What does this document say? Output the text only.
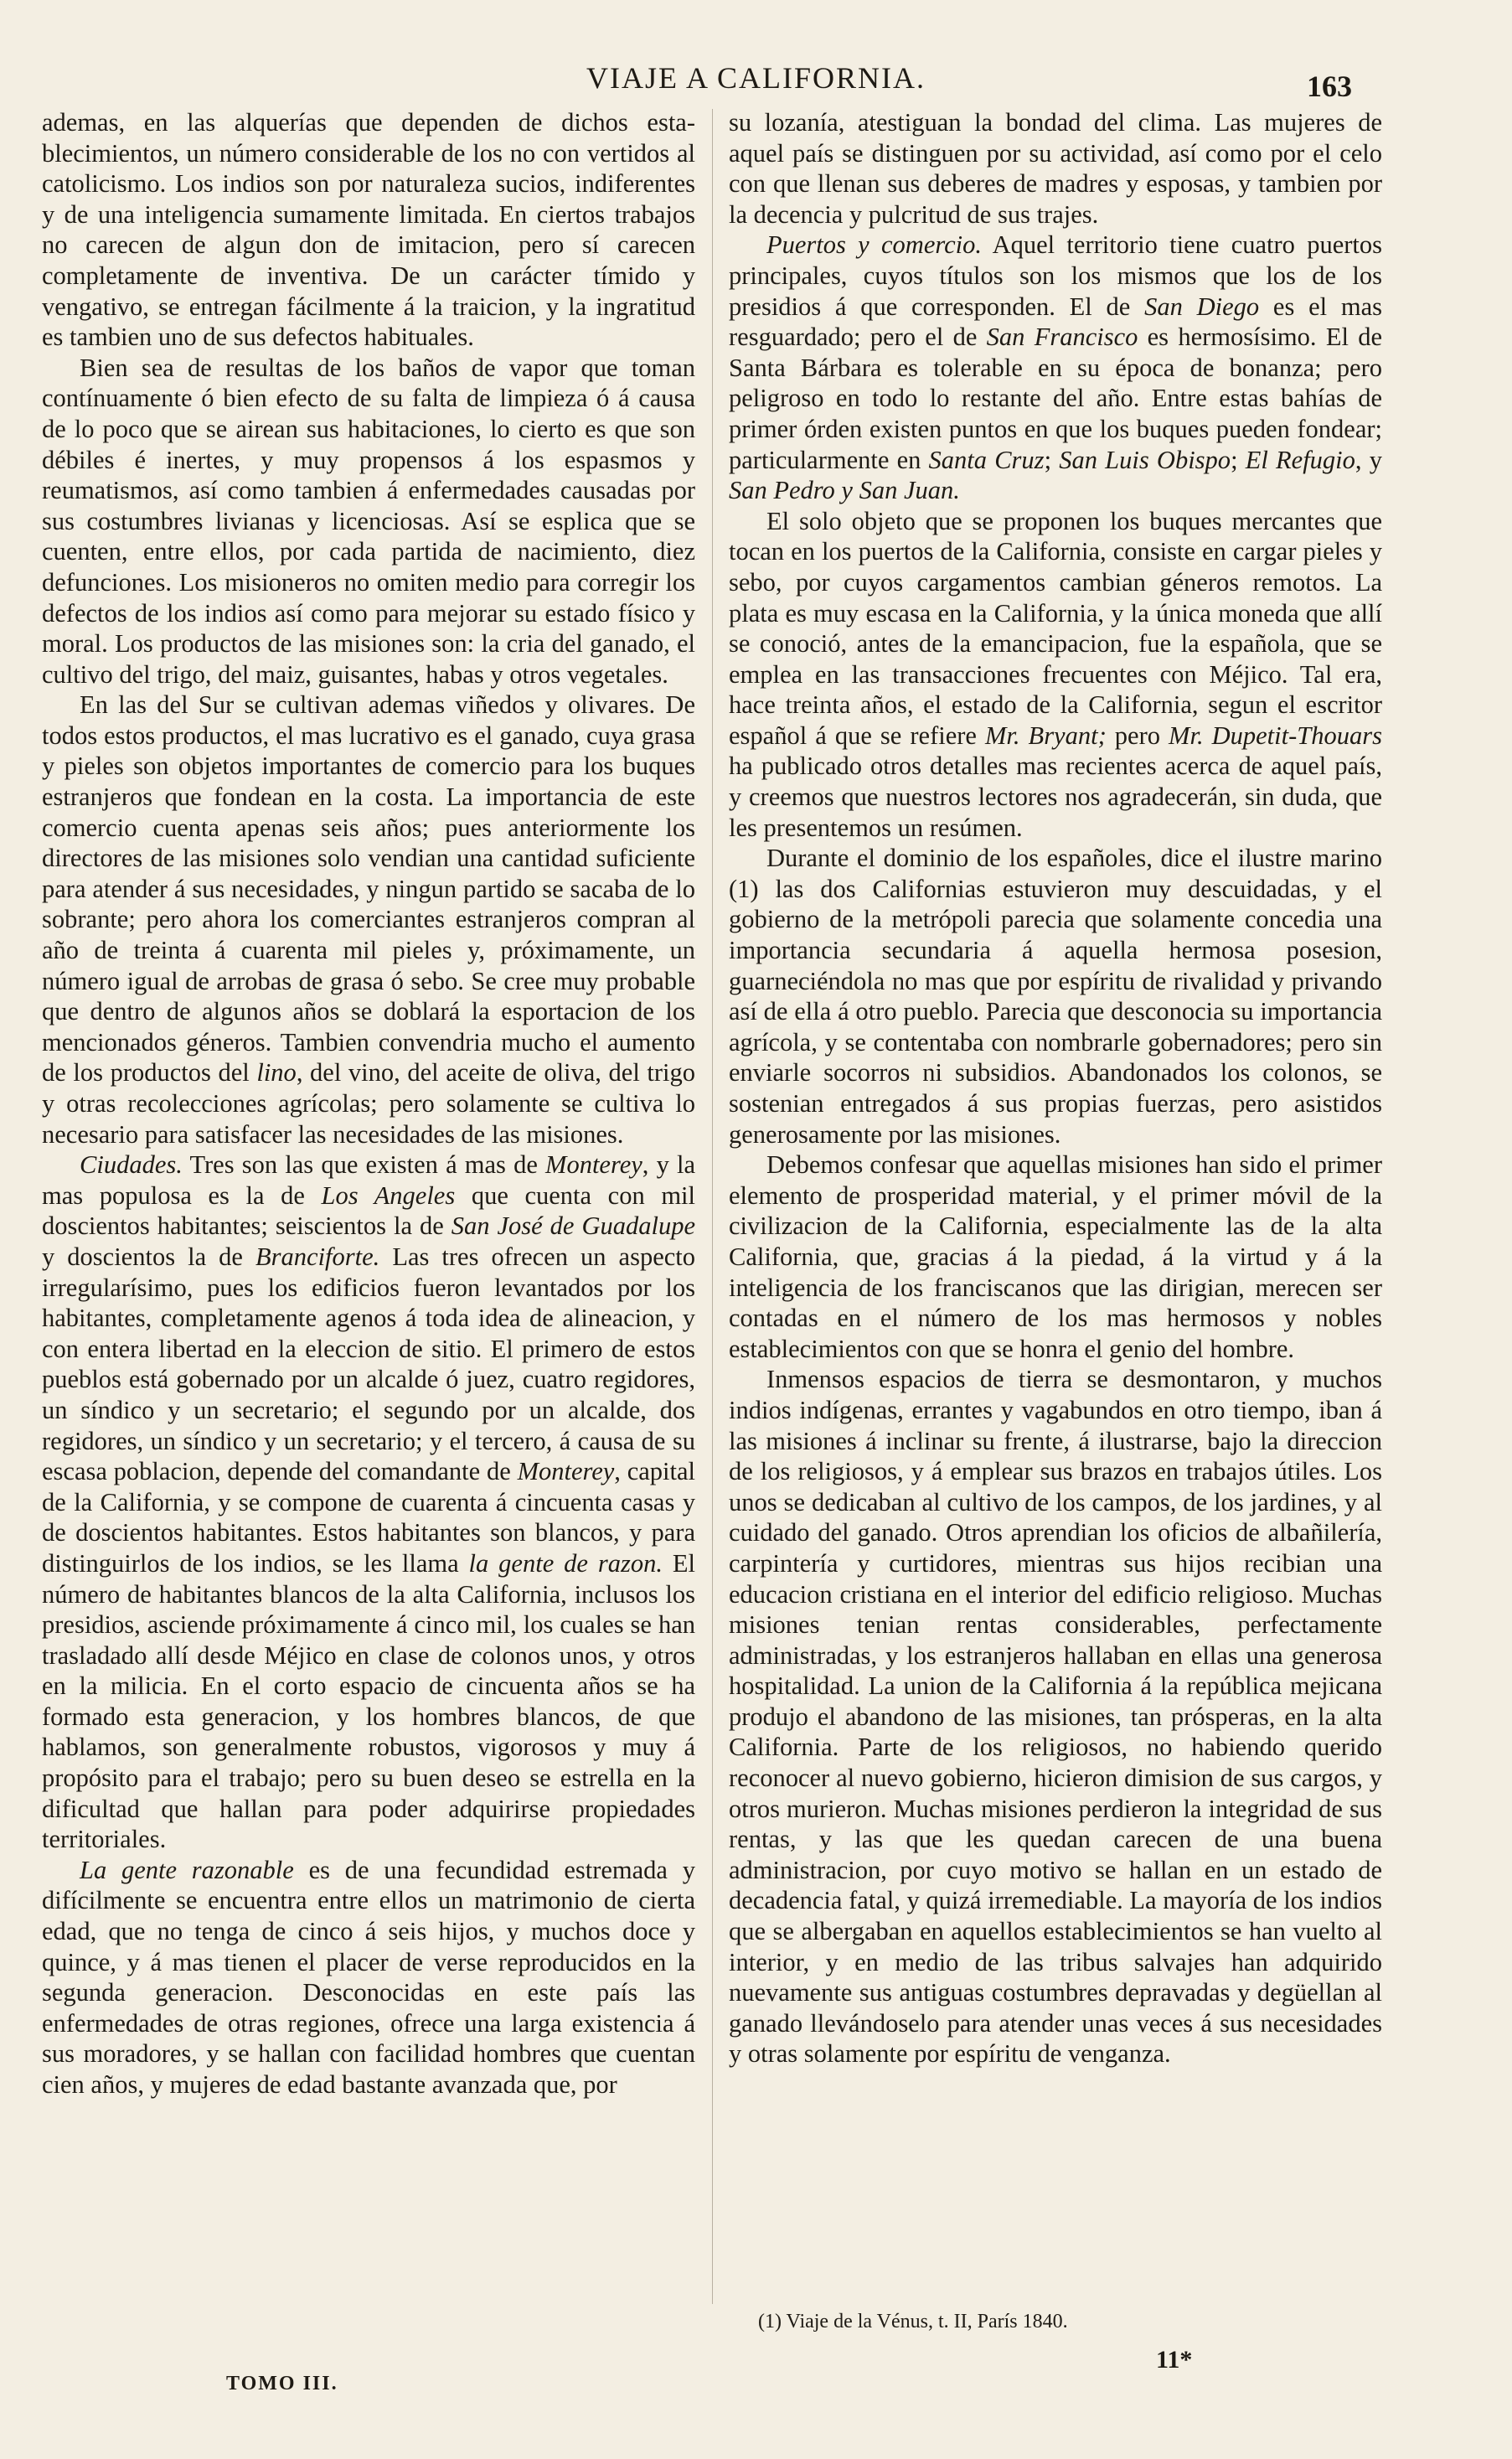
VIAJE A CALIFORNIA.	163

ademas, en las alquerías que dependen de dichos esta-blecimientos, un número considerable de los no con vertidos al catolicismo. Los indios son por naturaleza sucios, indiferentes y de una inteligencia sumamente limitada. En ciertos trabajos no carecen de algun don de imitacion, pero sí carecen completamente de inventiva. De un carácter tímido y vengativo, se entregan fácilmente á la traicion, y la ingratitud es tambien uno de sus defectos habituales.

Bien sea de resultas de los baños de vapor que toman contínuamente ó bien efecto de su falta de limpieza ó á causa de lo poco que se airean sus habitaciones, lo cierto es que son débiles é inertes, y muy propensos á los espasmos y reumatismos, así como tambien á enfermedades causadas por sus costumbres livianas y licenciosas. Así se esplica que se cuenten, entre ellos, por cada partida de nacimiento, diez defunciones. Los misioneros no omiten medio para corregir los defectos de los indios así como para mejorar su estado físico y moral. Los productos de las misiones son: la cria del ganado, el cultivo del trigo, del maiz, guisantes, habas y otros vegetales.

En las del Sur se cultivan ademas viñedos y olivares. De todos estos productos, el mas lucrativo es el ganado, cuya grasa y pieles son objetos importantes de comercio para los buques estranjeros que fondean en la costa. La importancia de este comercio cuenta apenas seis años; pues anteriormente los directores de las misiones solo vendian una cantidad suficiente para atender á sus necesidades, y ningun partido se sacaba de lo sobrante; pero ahora los comerciantes estranjeros compran al año de treinta á cuarenta mil pieles y, próximamente, un número igual de arrobas de grasa ó sebo. Se cree muy probable que dentro de algunos años se doblará la esportacion de los mencionados géneros. Tambien convendria mucho el aumento de los productos del lino, del vino, del aceite de oliva, del trigo y otras recolecciones agrícolas; pero solamente se cultiva lo necesario para satisfacer las necesidades de las misiones.

Ciudades. Tres son las que existen á mas de Monterey, y la mas populosa es la de Los Angeles que cuenta con mil doscientos habitantes; seiscientos la de San José de Guadalupe y doscientos la de Branciforte. Las tres ofrecen un aspecto irregularísimo, pues los edificios fueron levantados por los habitantes, completamente agenos á toda idea de alineacion, y con entera libertad en la eleccion de sitio. El primero de estos pueblos está gobernado por un alcalde ó juez, cuatro regidores, un síndico y un secretario; el segundo por un alcalde, dos regidores, un síndico y un secretario; y el tercero, á causa de su escasa poblacion, depende del comandante de Monterey, capital de la California, y se compone de cuarenta á cincuenta casas y de doscientos habitantes. Estos habitantes son blancos, y para distinguirlos de los indios, se les llama la gente de razon. El número de habitantes blancos de la alta California, inclusos los presidios, asciende próximamente á cinco mil, los cuales se han trasladado allí desde Méjico en clase de colonos unos, y otros en la milicia. En el corto espacio de cincuenta años se ha formado esta generacion, y los hombres blancos, de que hablamos, son generalmente robustos, vigorosos y muy á propósito para el trabajo; pero su buen deseo se estrella en la dificultad que hallan para poder adquirirse propiedades territoriales.

La gente razonable es de una fecundidad estremada y difícilmente se encuentra entre ellos un matrimonio de cierta edad, que no tenga de cinco á seis hijos, y muchos doce y quince, y á mas tienen el placer de verse reproducidos en la segunda generacion. Desconocidas en este país las enfermedades de otras regiones, ofrece una larga existencia á sus moradores, y se hallan con facilidad hombres que cuentan cien años, y mujeres de edad bastante avanzada que, por

su lozanía, atestiguan la bondad del clima. Las mujeres de aquel país se distinguen por su actividad, así como por el celo con que llenan sus deberes de madres y esposas, y tambien por la decencia y pulcritud de sus trajes.

Puertos y comercio. Aquel territorio tiene cuatro puertos principales, cuyos títulos son los mismos que los de los presidios á que corresponden. El de San Diego es el mas resguardado; pero el de San Francisco es hermosísimo. El de Santa Bárbara es tolerable en su época de bonanza; pero peligroso en todo lo restante del año. Entre estas bahías de primer órden existen puntos en que los buques pueden fondear; particularmente en Santa Cruz; San Luis Obispo; El Refugio, y San Pedro y San Juan.

El solo objeto que se proponen los buques mercantes que tocan en los puertos de la California, consiste en cargar pieles y sebo, por cuyos cargamentos cambian géneros remotos. La plata es muy escasa en la California, y la única moneda que allí se conoció, antes de la emancipacion, fue la española, que se emplea en las transacciones frecuentes con Méjico. Tal era, hace treinta años, el estado de la California, segun el escritor español á que se refiere Mr. Bryant; pero Mr. Dupetit-Thouars ha publicado otros detalles mas recientes acerca de aquel país, y creemos que nuestros lectores nos agradecerán, sin duda, que les presentemos un resúmen.

Durante el dominio de los españoles, dice el ilustre marino (1) las dos Californias estuvieron muy descuidadas, y el gobierno de la metrópoli parecia que solamente concedia una importancia secundaria á aquella hermosa posesion, guarneciéndola no mas que por espíritu de rivalidad y privando así de ella á otro pueblo. Parecia que desconocia su importancia agrícola, y se contentaba con nombrarle gobernadores; pero sin enviarle socorros ni subsidios. Abandonados los colonos, se sostenian entregados á sus propias fuerzas, pero asistidos generosamente por las misiones.

Debemos confesar que aquellas misiones han sido el primer elemento de prosperidad material, y el primer móvil de la civilizacion de la California, especialmente las de la alta California, que, gracias á la piedad, á la virtud y á la inteligencia de los franciscanos que las dirigian, merecen ser contadas en el número de los mas hermosos y nobles establecimientos con que se honra el genio del hombre.

Inmensos espacios de tierra se desmontaron, y muchos indios indígenas, errantes y vagabundos en otro tiempo, iban á las misiones á inclinar su frente, á ilustrarse, bajo la direccion de los religiosos, y á emplear sus brazos en trabajos útiles. Los unos se dedicaban al cultivo de los campos, de los jardines, y al cuidado del ganado. Otros aprendian los oficios de albañilería, carpintería y curtidores, mientras sus hijos recibian una educacion cristiana en el interior del edificio religioso. Muchas misiones tenian rentas considerables, perfectamente administradas, y los estranjeros hallaban en ellas una generosa hospitalidad. La union de la California á la república mejicana produjo el abandono de las misiones, tan prósperas, en la alta California. Parte de los religiosos, no habiendo querido reconocer al nuevo gobierno, hicieron dimision de sus cargos, y otros murieron. Muchas misiones perdieron la integridad de sus rentas, y las que les quedan carecen de una buena administracion, por cuyo motivo se hallan en un estado de decadencia fatal, y quizá irremediable. La mayoría de los indios que se albergaban en aquellos establecimientos se han vuelto al interior, y en medio de las tribus salvajes han adquirido nuevamente sus antiguas costumbres depravadas y degüellan al ganado llevándoselo para atender unas veces á sus necesidades y otras solamente por espíritu de venganza.

(1) Viaje de la Vénus, t. II, París 1840.
TOMO III.
11*
